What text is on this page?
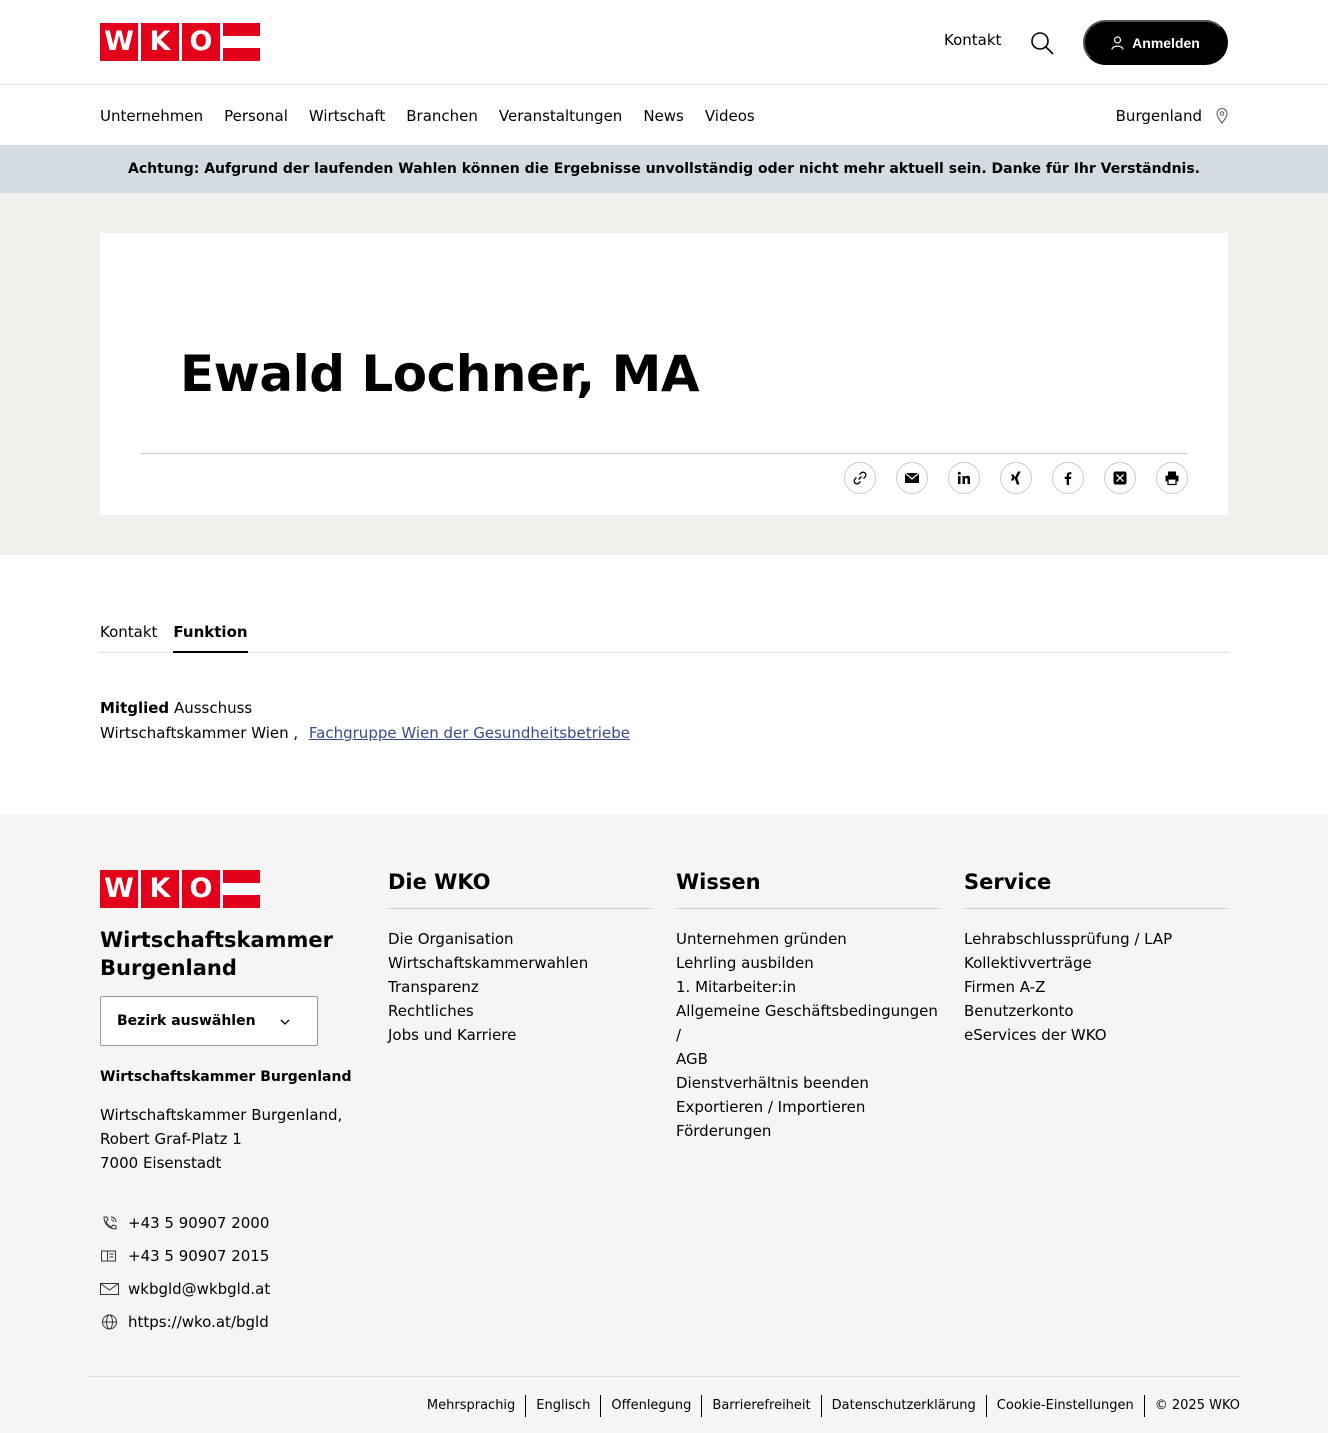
W K O	Kontakt	Anmelden
Unternehmen Personal Wirtschaft Branchen Veranstaltungen News Videos	Burgenland
Achtung: Aufgrund der laufenden Wahlen können die Ergebnisse unvollständig oder nicht mehr aktuell sein. Danke für Ihr Verständnis.
Ewald Lochner, MA
Kontakt Funktion
Mitglied Ausschuss
Wirtschaftskammer Wien , Fachgruppe Wien der Gesundheitsbetriebe
W K O
Wirtschaftskammer
Burgenland
Bezirk auswählen
Wirtschaftskammer Burgenland
Wirtschaftskammer Burgenland,
Robert Graf-Platz 1
7000 Eisenstadt
+43 5 90907 2000
+43 5 90907 2015
wkbgld@wkbgld.at
https://wko.at/bgld
Die WKO
Die Organisation
Wirtschaftskammerwahlen
Transparenz
Rechtliches
Jobs und Karriere
Wissen
Unternehmen gründen
Lehrling ausbilden
1. Mitarbeiter:in
Allgemeine Geschäftsbedingungen /
AGB
Dienstverhältnis beenden
Exportieren / Importieren
Förderungen
Service
Lehrabschlussprüfung / LAP
Kollektivverträge
Firmen A-Z
Benutzerkonto
eServices der WKO
Mehrsprachig	Englisch	Offenlegung	Barrierefreiheit	Datenschutzerklärung	Cookie-Einstellungen	© 2025 WKO
